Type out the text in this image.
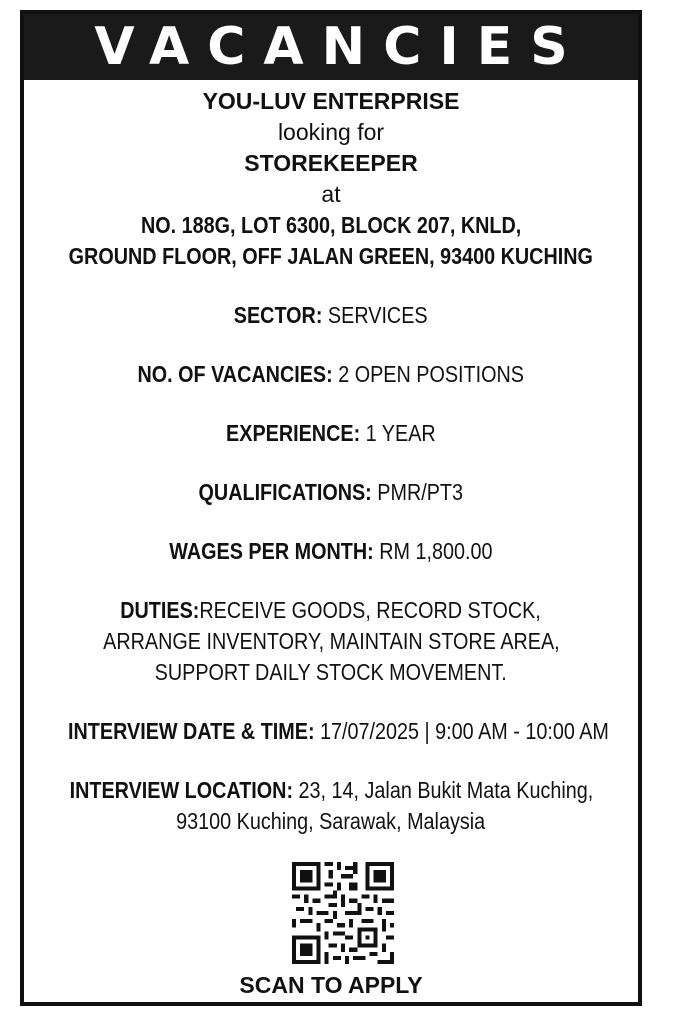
VACANCIES
YOU-LUV ENTERPRISE
looking for
STOREKEEPER
at
NO. 188G, LOT 6300, BLOCK 207, KNLD,
GROUND FLOOR, OFF JALAN GREEN, 93400 KUCHING
SECTOR: SERVICES
NO. OF VACANCIES: 2 OPEN POSITIONS
EXPERIENCE: 1 YEAR
QUALIFICATIONS: PMR/PT3
WAGES PER MONTH: RM 1,800.00
DUTIES:RECEIVE GOODS, RECORD STOCK,
ARRANGE INVENTORY, MAINTAIN STORE AREA,
SUPPORT DAILY STOCK MOVEMENT.
INTERVIEW DATE & TIME: 17/07/2025 | 9:00 AM - 10:00 AM
INTERVIEW LOCATION: 23, 14, Jalan Bukit Mata Kuching,
93100 Kuching, Sarawak, Malaysia
SCAN TO APPLY
